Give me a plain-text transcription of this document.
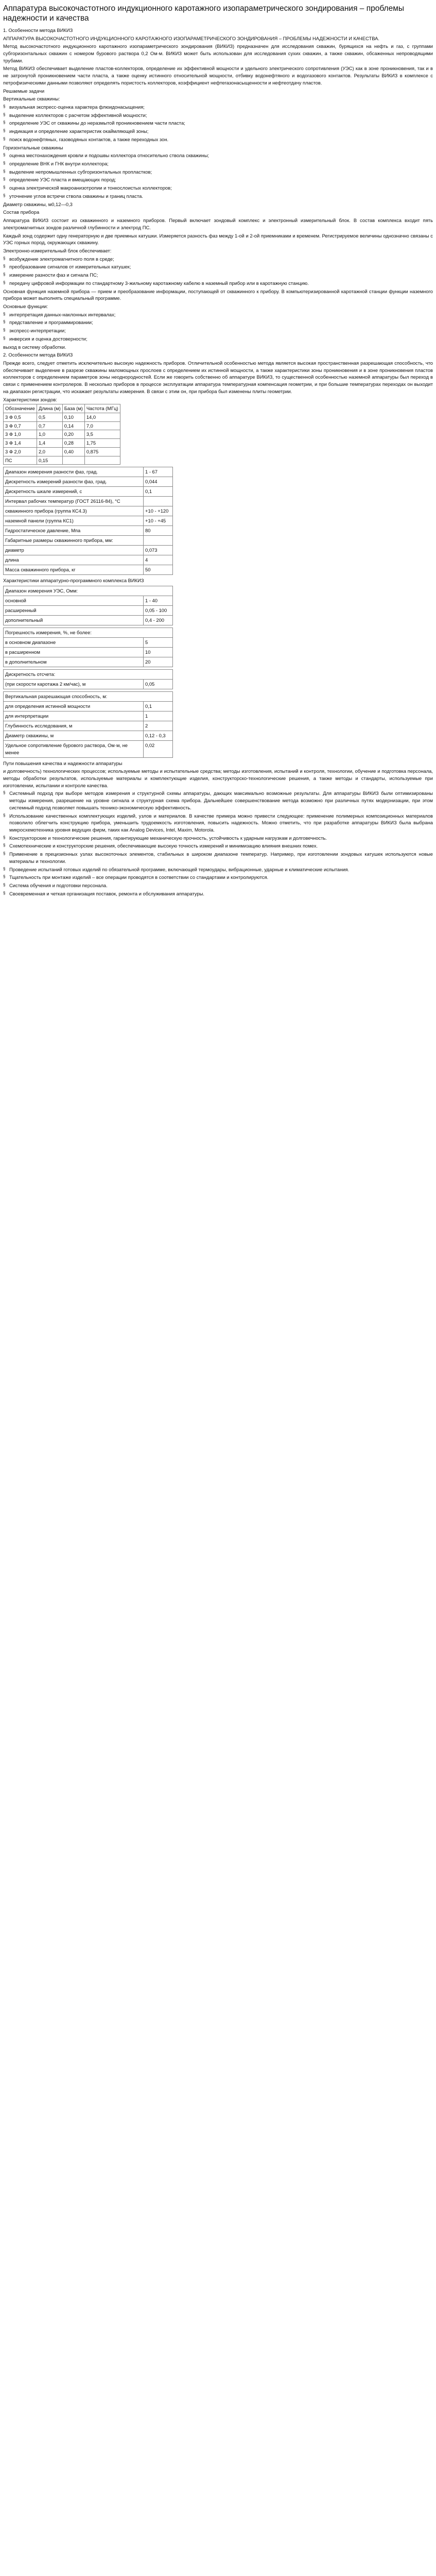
Аппаратура высокочастотного индукционного каротажного изопараметрического зондирования – проблемы надежности и качества
1. Особенности метода ВИКИЗ
АППАРАТУРА ВЫСОКОЧАСТОТНОГО ИНДУКЦИОННОГО КАРОТАЖНОГО ИЗОПАРАМЕТРИЧЕСКОГО ЗОНДИРОВАНИЯ – ПРОБЛЕМЫ НАДЕЖНОСТИ И КАЧЕСТВА.
Метод высокочастотного индукционного каротажного изопараметрического зондирования (ВИКИЗ) предназначен для исследования скважин, бурящихся на нефть и газ, с группами субгоризонтальных скважин с номером бурового раствора 0,2 Ом·м. ВИКИЗ может быть использован для исследования сухих скважин, а также скважин, обсаженных непроводящими трубами.
Метод ВИКИЗ обеспечивает выделение пластов-коллекторов, определение их эффективной мощности и удельного электрического сопротивления (УЭС) как в зоне проникновения, так и в не затронутой проникновением части пласта, а также оценку истинного относительной мощности, отбивку водонефтяного и водогазового контактов. Результаты ВИКИЗ в комплексе с петрофизическими данными позволяют определять пористость коллекторов, коэффициент нефтегазонасыщенности и нефтеотдачу пластов.
Решаемые задачи
Вертикальные скважины:
§ визуальная экспресс-оценка характера флюидонасыщения;
§ выделение коллекторов с расчетом эффективной мощности;
§ определение УЭС от скважины до неразмытой проникновением части пласта;
§ индикация и определение характеристик окаймляющей зоны;
§ поиск водонефтяных, газоводяных контактов, а также переходных зон.
Горизонтальные скважины
§ оценка местонахождения кровли и подошвы коллектора относительно ствола скважины;
§ определение ВНК и ГНК внутри коллектора;
§ выделение непромышленных субгоризонтальных пропластков;
§ определение УЭС пласта и вмещающих пород;
§ оценка электрической макроанизотропии и тонкослоистых коллекторов;
§ уточнение углов встречи ствола скважины и границ пласта.
Диаметр скважины, м0,12—0,3
Состав прибора
Аппаратура ВИКИЗ состоит из скважинного и наземного приборов. Первый включает зондовый комплекс и электронный измерительный блок. В состав комплекса входит пять электромагнитных зондов различной глубинности и электрод ПС.
Каждый зонд содержит одну генераторную и две приемных катушки. Измеряется разность фаз между 1-ой и 2-ой приемниками и временем. Регистрируемое величины однозначно связаны с УЭС горных пород, окружающих скважину.
Электронно-измерительный блок обеспечивает:
§ возбуждение электромагнитного поля в среде;
§ преобразование сигналов от измерительных катушек;
§ измерение разности фаз и сигнала ПС;
§ передачу цифровой информации по стандартному 3-жильному каротажному кабелю в наземный прибор или в каротажную станцию.
Основная функция наземной прибора — прием и преобразование информации, поступающей от скважинного к прибору. В компьютеризированной каротажной станции функции наземного прибора может выполнять специальный программе.
Основные функции:
§ интерпретация данных-наклонных интервалах;
§ представление и программировании;
§ экспресс-интерпретации;
§ инверсия и оценка достоверности;
выход в систему обработки.
2. Особенности метода ВИКИЗ
Прежде всего, следует отметить исключительно высокую надежность приборов. Отличительной особенностью метода является высокая пространственная разрешающая способность, что обеспечивает выделение в разрезе скважины маломощных прослоев с определением их истинной мощности, а также характеристики зоны проникновения и в зоне проникновения пластов коллекторов с определением параметров зоны неоднородностей. Если же говорить собственно об аппаратуре ВИКИЗ, то существенной особенностью наземной аппаратуры был переход в связи с применением контролеров. В несколько приборов в процессе эксплуатации аппаратура температурная компенсация геометрии, и при большие температурах переходах он выходит на диапазон регистрации, что искажает результаты измерения. В связи с этим он, при прибора был изменены плиты геометрии.
Характеристики зондов:
Обозначение	Длина (м)	База (м)	Частота (МГц)
3 Ф 0,5	0,5	0,10	14,0
3 Ф 0,7	0,7	0,14	7,0
3 Ф 1,0	1,0	0,20	3,5
3 Ф 1,4	1,4	0,28	1,75
3 Ф 2,0	2,0	0,40	0,875
ПС	0,15		
Диапазон измерения разности фаз, град.	1 - 67
Дискретность измерений разности фаз, град.	0,044
Дискретность шкале измерений, с	0,1
Интервал рабочих температур (ГОСТ 26116-84), °С	
скважинного прибора (группа КС4.3)	+10 - +120
наземной панели (группа КС1)	+10 - +45
Гидростатическое давление, Мпа	80
Габаритные размеры скважинного прибора, мм:	
диаметр	0,073
длина	4
Масса скважинного прибора, кг	50
Характеристики аппаратурно-программного комплекса ВИКИЗ
Диапазон измерения УЭС, Омм:	
основной	1 - 40
расширенный	0,05 - 100
дополнительный	0,4 - 200
Погрешность измерения, %, не более:	
в основном диапазоне	5
в расширенном	10
в дополнительном	20
Дискретность отсчета:
(при скорости каротажа 2 км/час), м	0,05
Вертикальная разрешающая способность, м:	
для определения истинной мощности	0,1
для интерпретации	1
Глубинность исследования, м	2
Диаметр скважины, м	0,12 - 0,3
Удельное сопротивление бурового раствора, Ом·м, не менее	0,02
Пути повышения качества и надежности аппаратуры
и долговечность) технологических процессов; используемые методы и испытательные средства; методы изготовления, испытаний и контроля, технологии, обучение и подготовка персонала, методы обработки результатов, используемые материалы и комплектующие изделия, конструкторско-технологические решения, а также методы и стандарты, используемые при изготовлении, испытании и контроле качества.
§ Системный подход при выборе методов измерения и структурной схемы аппаратуры, дающих максимально возможные результаты. Для аппаратуры ВИКИЗ были оптимизированы методы измерения, разрешение на уровне сигнала и структурная схема прибора. Дальнейшее совершенствование метода возможно при различных путях модернизации, при этом системный подход позволяет повышать технико-экономическую эффективность.
§ Использование качественных комплектующих изделий, узлов и материалов. В качестве примера можно привести следующее: применение полимерных композиционных материалов позволило облегчить конструкцию прибора, уменьшить трудоемкость изготовления, повысить надежность. Можно отметить, что при разработке аппаратуры ВИКИЗ была выбрана микросхемотехника уровня ведущих фирм, таких как Analog Devices, Intel, Maxim, Motorola.
§ Конструкторские и технологические решения, гарантирующие механическую прочность, устойчивость к ударным нагрузкам и долговечность.
§ Схемотехнические и конструкторские решения, обеспечивающие высокую точность измерений и минимизацию влияния внешних помех.
§ Применение в прецизионных узлах высокоточных элементов, стабильных в широком диапазоне температур. Например, при изготовлении зондовых катушек используются новые материалы и технологии.
§ Проведение испытаний готовых изделий по обязательной программе, включающей термоудары, вибрационные, ударные и климатические испытания.
§ Тщательность при монтаже изделий – все операции проводятся в соответствии со стандартами и контролируются.
§ Система обучения и подготовки персонала.
§ Своевременная и четкая организация поставок, ремонта и обслуживания аппаратуры.
